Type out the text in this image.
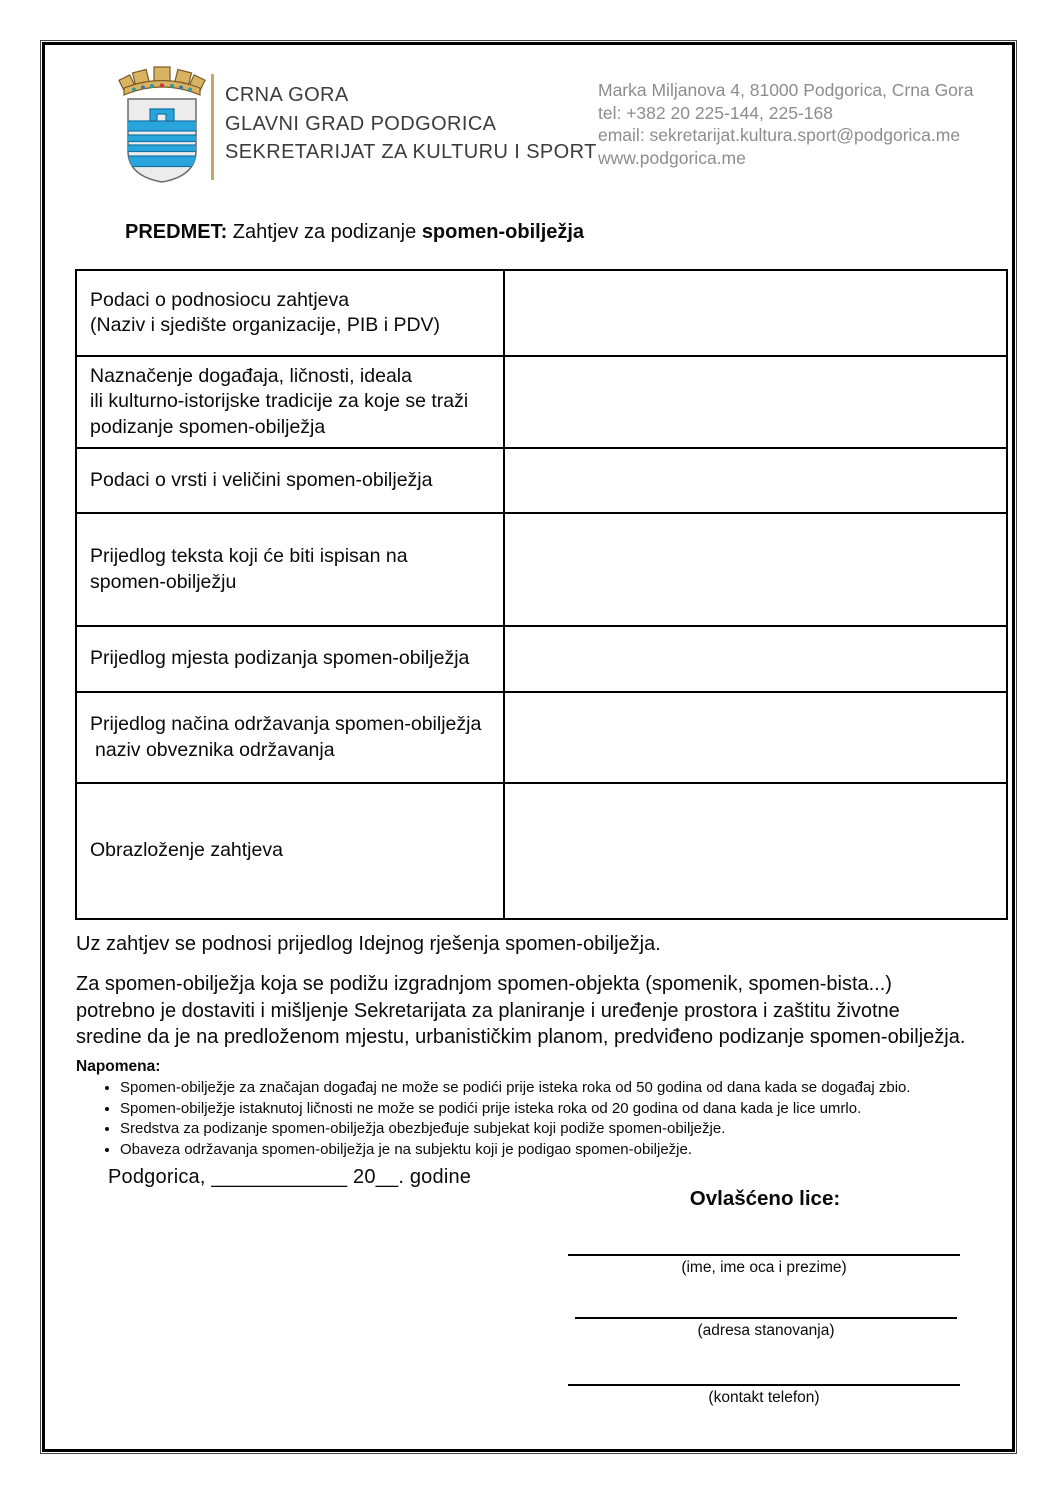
CRNA GORA
GLAVNI GRAD PODGORICA
SEKRETARIJAT ZA KULTURU I SPORT
Marka Miljanova 4, 81000 Podgorica, Crna Gora
tel: +382 20 225-144, 225-168
email: sekretarijat.kultura.sport@podgorica.me
www.podgorica.me
PREDMET: Zahtjev za podizanje spomen-obilježja
Podaci o podnosiocu zahtjeva
(Naziv i sjedište organizacije, PIB i PDV)
Naznačenje događaja, ličnosti, ideala
ili kulturno-istorijske tradicije za koje se traži
podizanje spomen-obilježja
Podaci o vrsti i veličini spomen-obilježja
Prijedlog teksta koji će biti ispisan na
spomen-obilježju
Prijedlog mjesta podizanja spomen-obilježja
Prijedlog načina održavanja spomen-obilježja
naziv obveznika održavanja
Obrazloženje zahtjeva
Uz zahtjev se podnosi prijedlog Idejnog rješenja spomen-obilježja.
Za spomen-obilježja koja se podižu izgradnjom spomen-objekta (spomenik, spomen-bista...) potrebno je dostaviti i mišljenje Sekretarijata za planiranje i uređenje prostora i zaštitu životne sredine da je na predloženom mjestu, urbanističkim planom, predviđeno podizanje spomen-obilježja.
Napomena:
• Spomen-obilježje za značajan događaj ne može se podići prije isteka roka od 50 godina od dana kada se događaj zbio.
• Spomen-obilježje istaknutoj ličnosti ne može se podići prije isteka roka od 20 godina od dana kada je lice umrlo.
• Sredstva za podizanje spomen-obilježja obezbjeđuje subjekat koji podiže spomen-obilježje.
• Obaveza održavanja spomen-obilježja je na subjektu koji je podigao spomen-obilježje.
Podgorica, ____________ 20__. godine
Ovlašćeno lice:
(ime, ime oca i prezime)
(adresa stanovanja)
(kontakt telefon)
